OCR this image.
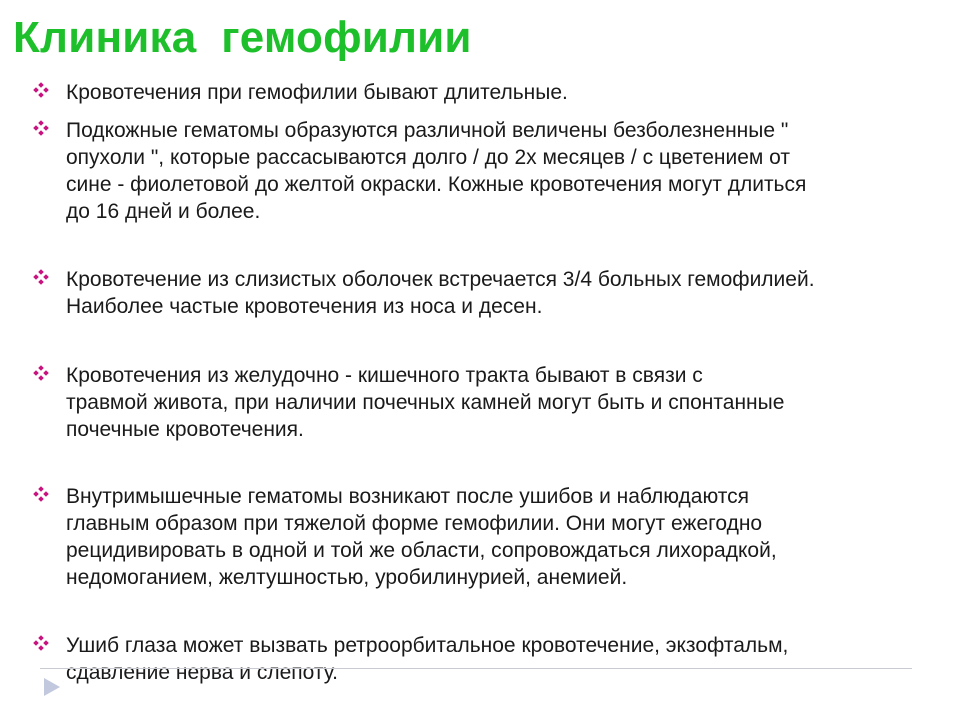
Клиника  гемофилии

Кровотечения при гемофилии бывают длительные.

Подкожные гематомы образуются различной величены безболезненные "
опухоли ", которые рассасываются долго / до 2х месяцев / с цветением от
сине - фиолетовой до желтой окраски. Кожные кровотечения могут длиться
до 16 дней и более.

Кровотечение из слизистых оболочек встречается 3/4 больных гемофилией.
Наиболее частые кровотечения из носа и десен.

Кровотечения из желудочно - кишечного тракта бывают в связи с
травмой живота, при наличии почечных камней могут быть и спонтанные
почечные кровотечения.

Внутримышечные гематомы возникают после ушибов и наблюдаются
главным образом при тяжелой форме гемофилии. Они могут ежегодно
рецидивировать в одной и той же области, сопровождаться лихорадкой,
недомоганием, желтушностью, уробилинурией, анемией.

Ушиб глаза может вызвать ретроорбитальное кровотечение, экзофтальм,
сдавление нерва и слепоту.
